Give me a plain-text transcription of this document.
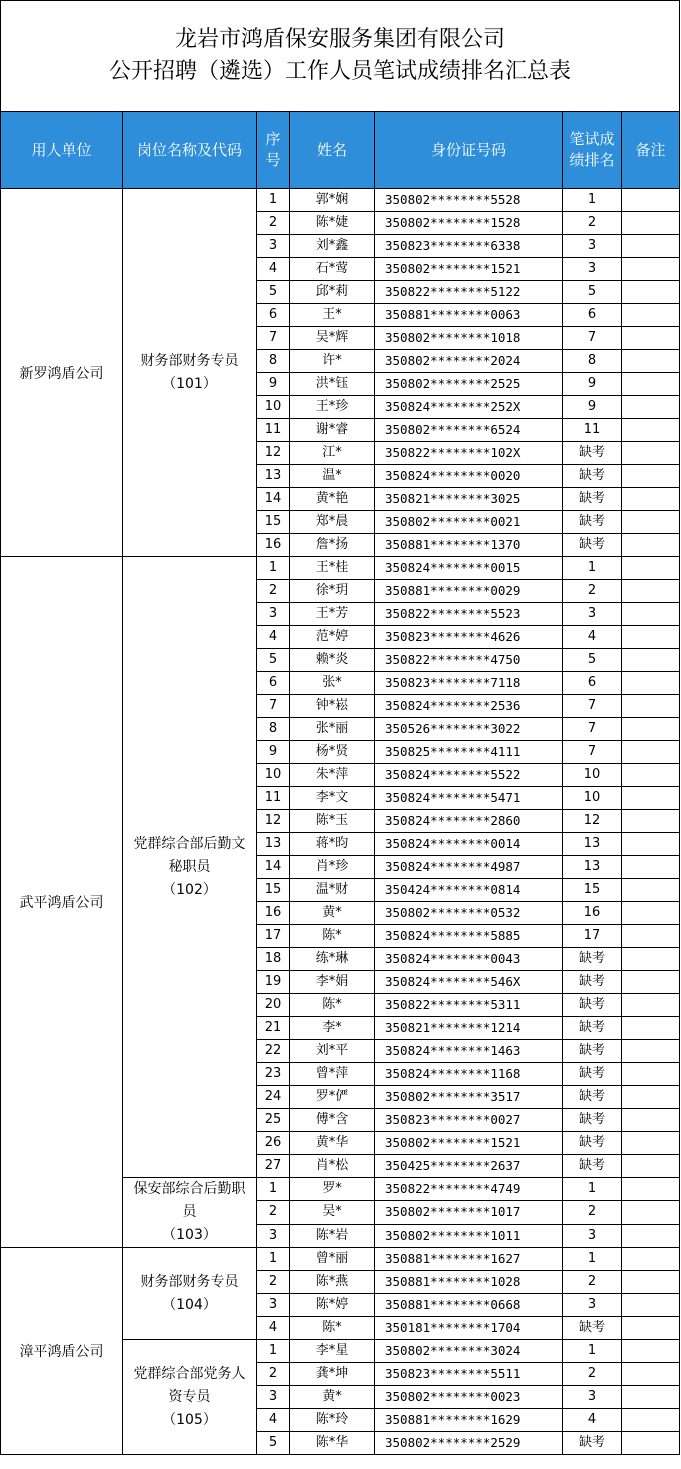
龙岩市鸿盾保安服务集团有限公司
公开招聘（遴选）工作人员笔试成绩排名汇总表						

用人单位	岗位名称及代码	序号	姓名	身份证号码	笔试成绩排名	备注
新罗鸿盾公司	财务部财务专员
（101）	1	郭*娴	350802********5528	1	
		2	陈*婕	350802********1528	2	
		3	刘*鑫	350823********6338	3	
		4	石*莺	350802********1521	3	
		5	邱*莉	350822********5122	5	
		6	王*	350881********0063	6	
		7	吴*辉	350802********1018	7	
		8	许*	350802********2024	8	
		9	洪*钰	350802********2525	9	
		10	王*珍	350824********252X	9	
		11	谢*睿	350802********6524	11	
		12	江*	350822********102X	缺考	
		13	温*	350824********0020	缺考	
		14	黄*艳	350821********3025	缺考	
		15	郑*晨	350802********0021	缺考	
		16	詹*扬	350881********1370	缺考	
武平鸿盾公司	党群综合部后勤文秘职员
（102）	1	王*桂	350824********0015	1	
		2	徐*玥	350881********0029	2	
		3	王*芳	350822********5523	3	
		4	范*婷	350823********4626	4	
		5	赖*炎	350822********4750	5	
		6	张*	350823********7118	6	
		7	钟*崧	350824********2536	7	
		8	张*丽	350526********3022	7	
		9	杨*贤	350825********4111	7	
		10	朱*萍	350824********5522	10	
		11	李*文	350824********5471	10	
		12	陈*玉	350824********2860	12	
		13	蒋*昀	350824********0014	13	
		14	肖*珍	350824********4987	13	
		15	温*财	350424********0814	15	
		16	黄*	350802********0532	16	
		17	陈*	350824********5885	17	
		18	练*琳	350824********0043	缺考	
		19	李*娟	350824********546X	缺考	
		20	陈*	350822********5311	缺考	
		21	李*	350821********1214	缺考	
		22	刘*平	350824********1463	缺考	
		23	曾*萍	350824********1168	缺考	
		24	罗*俨	350802********3517	缺考	
		25	傅*含	350823********0027	缺考	
		26	黄*华	350802********1521	缺考	
		27	肖*松	350425********2637	缺考	
	保安部综合后勤职员
（103）	1	罗*	350822********4749	1	
		2	吴*	350802********1017	2	
		3	陈*岩	350802********1011	3	
漳平鸿盾公司	财务部财务专员
（104）	1	曾*丽	350881********1627	1	
		2	陈*燕	350881********1028	2	
		3	陈*婷	350881********0668	3	
		4	陈*	350181********1704	缺考	
	党群综合部党务人资专员
（105）	1	李*星	350802********3024	1	
		2	龚*坤	350823********5511	2	
		3	黄*	350802********0023	3	
		4	陈*玲	350881********1629	4	
		5	陈*华	350802********2529	缺考	
